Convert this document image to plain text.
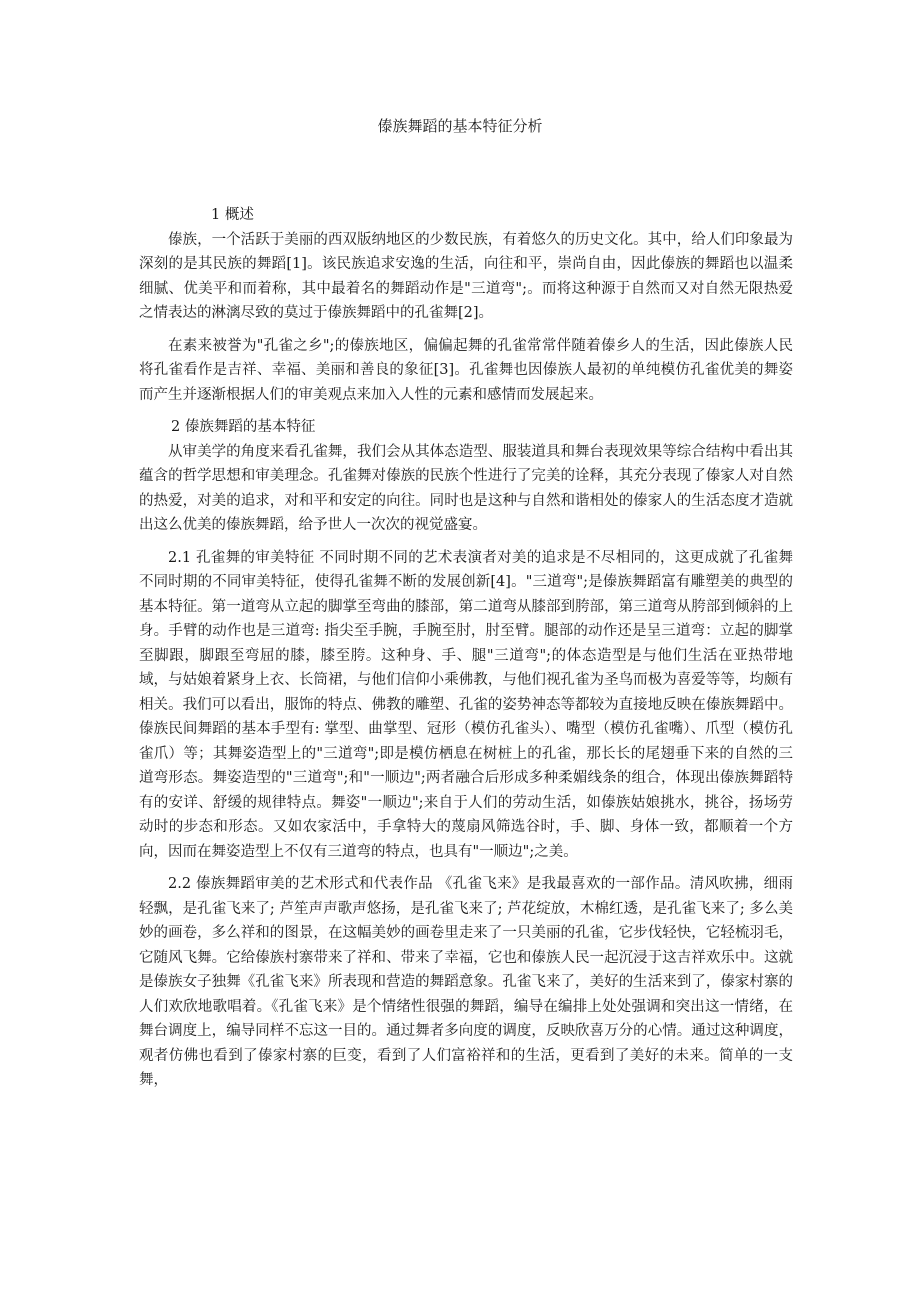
傣族舞蹈的基本特征分析
1 概述

傣族，一个活跃于美丽的西双版纳地区的少数民族，有着悠久的历史文化。其中，给人们印象最为深刻的是其民族的舞蹈[1]。该民族追求安逸的生活，向往和平，崇尚自由，因此傣族的舞蹈也以温柔细腻、优美平和而着称，其中最着名的舞蹈动作是"三道弯";。而将这种源于自然而又对自然无限热爱之情表达的淋漓尽致的莫过于傣族舞蹈中的孔雀舞[2]。

在素来被誉为"孔雀之乡";的傣族地区，偏偏起舞的孔雀常常伴随着傣乡人的生活，因此傣族人民将孔雀看作是吉祥、幸福、美丽和善良的象征[3]。孔雀舞也因傣族人最初的单纯模仿孔雀优美的舞姿而产生并逐渐根据人们的审美观点来加入人性的元素和感情而发展起来。

2 傣族舞蹈的基本特征

从审美学的角度来看孔雀舞，我们会从其体态造型、服装道具和舞台表现效果等综合结构中看出其蕴含的哲学思想和审美理念。孔雀舞对傣族的民族个性进行了完美的诠释，其充分表现了傣家人对自然的热爱，对美的追求，对和平和安定的向往。同时也是这种与自然和谐相处的傣家人的生活态度才造就出这么优美的傣族舞蹈，给予世人一次次的视觉盛宴。

2.1 孔雀舞的审美特征 不同时期不同的艺术表演者对美的追求是不尽相同的，这更成就了孔雀舞不同时期的不同审美特征，使得孔雀舞不断的发展创新[4]。"三道弯";是傣族舞蹈富有雕塑美的典型的基本特征。第一道弯从立起的脚掌至弯曲的膝部，第二道弯从膝部到胯部，第三道弯从胯部到倾斜的上身。手臂的动作也是三道弯: 指尖至手腕，手腕至肘，肘至臂。腿部的动作还是呈三道弯：立起的脚掌至脚跟，脚跟至弯屈的膝，膝至胯。这种身、手、腿"三道弯";的体态造型是与他们生活在亚热带地域，与姑娘着紧身上衣、长筒裙，与他们信仰小乘佛教，与他们视孔雀为圣鸟而极为喜爱等等，均颇有相关。我们可以看出，服饰的特点、佛教的雕塑、孔雀的姿势神态等都较为直接地反映在傣族舞蹈中。傣族民间舞蹈的基本手型有: 掌型、曲掌型、冠形（模仿孔雀头）、嘴型（模仿孔雀嘴）、爪型（模仿孔雀爪）等；其舞姿造型上的"三道弯";即是模仿栖息在树桩上的孔雀，那长长的尾翅垂下来的自然的三道弯形态。舞姿造型的"三道弯";和"一顺边";两者融合后形成多种柔媚线条的组合，体现出傣族舞蹈特有的安详、舒缓的规律特点。舞姿"一顺边";来自于人们的劳动生活，如傣族姑娘挑水，挑谷，扬场劳动时的步态和形态。又如农家活中，手拿特大的蔑扇风筛选谷时，手、脚、身体一致，都顺着一个方向，因而在舞姿造型上不仅有三道弯的特点，也具有"一顺边";之美。

2.2 傣族舞蹈审美的艺术形式和代表作品 《孔雀飞来》是我最喜欢的一部作品。清风吹拂，细雨轻飘，是孔雀飞来了; 芦笙声声歌声悠扬，是孔雀飞来了; 芦花绽放，木棉红透，是孔雀飞来了; 多么美妙的画卷，多么祥和的图景，在这幅美妙的画卷里走来了一只美丽的孔雀，它步伐轻快，它轻梳羽毛，它随风飞舞。它给傣族村寨带来了祥和、带来了幸福，它也和傣族人民一起沉浸于这吉祥欢乐中。这就是傣族女子独舞《孔雀飞来》所表现和营造的舞蹈意象。孔雀飞来了，美好的生活来到了，傣家村寨的人们欢欣地歌唱着。《孔雀飞来》是个情绪性很强的舞蹈，编导在编排上处处强调和突出这一情绪，在舞台调度上，编导同样不忘这一目的。通过舞者多向度的调度，反映欣喜万分的心情。通过这种调度，观者仿佛也看到了傣家村寨的巨变，看到了人们富裕祥和的生活，更看到了美好的未来。简单的一支舞，
